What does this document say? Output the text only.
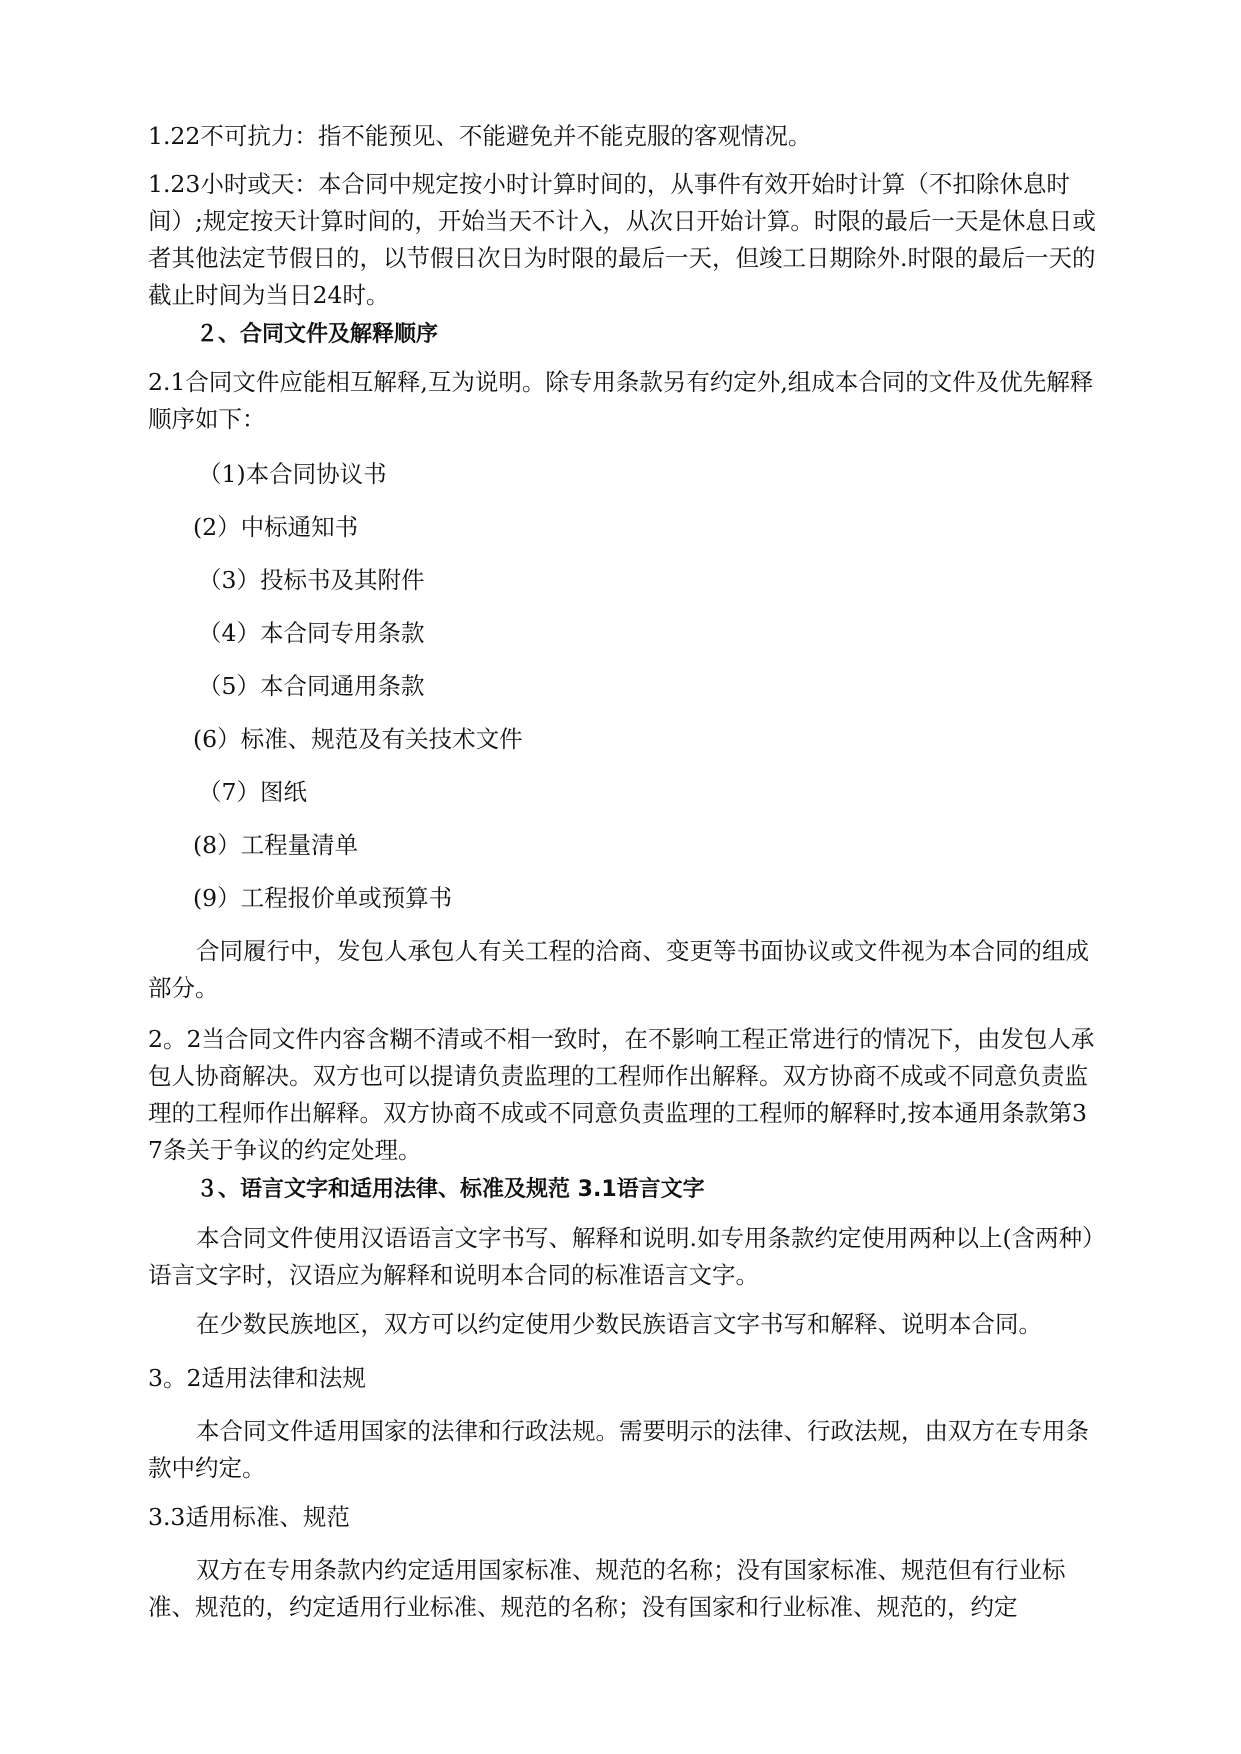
1.22不可抗力：指不能预见、不能避免并不能克服的客观情况。

1.23小时或天：本合同中规定按小时计算时间的，从事件有效开始时计算（不扣除休息时间）;规定按天计算时间的，开始当天不计入，从次日开始计算。时限的最后一天是休息日或者其他法定节假日的，以节假日次日为时限的最后一天，但竣工日期除外.时限的最后一天的截止时间为当日24时。

２、合同文件及解释顺序

2.1合同文件应能相互解释,互为说明。除专用条款另有约定外,组成本合同的文件及优先解释顺序如下：

（1)本合同协议书

(2）中标通知书

（3）投标书及其附件

（4）本合同专用条款

（5）本合同通用条款

(6）标准、规范及有关技术文件

（7）图纸

(8）工程量清单

(9）工程报价单或预算书

合同履行中，发包人承包人有关工程的洽商、变更等书面协议或文件视为本合同的组成部分。

2。2当合同文件内容含糊不清或不相一致时，在不影响工程正常进行的情况下，由发包人承包人协商解决。双方也可以提请负责监理的工程师作出解释。双方协商不成或不同意负责监理的工程师作出解释。双方协商不成或不同意负责监理的工程师的解释时,按本通用条款第37条关于争议的约定处理。

３、语言文字和适用法律、标准及规范 3.1语言文字

本合同文件使用汉语语言文字书写、解释和说明.如专用条款约定使用两种以上(含两种）语言文字时，汉语应为解释和说明本合同的标准语言文字。

在少数民族地区，双方可以约定使用少数民族语言文字书写和解释、说明本合同。

3。2适用法律和法规

本合同文件适用国家的法律和行政法规。需要明示的法律、行政法规，由双方在专用条款中约定。

3.3适用标准、规范

双方在专用条款内约定适用国家标准、规范的名称；没有国家标准、规范但有行业标准、规范的，约定适用行业标准、规范的名称；没有国家和行业标准、规范的，约定
